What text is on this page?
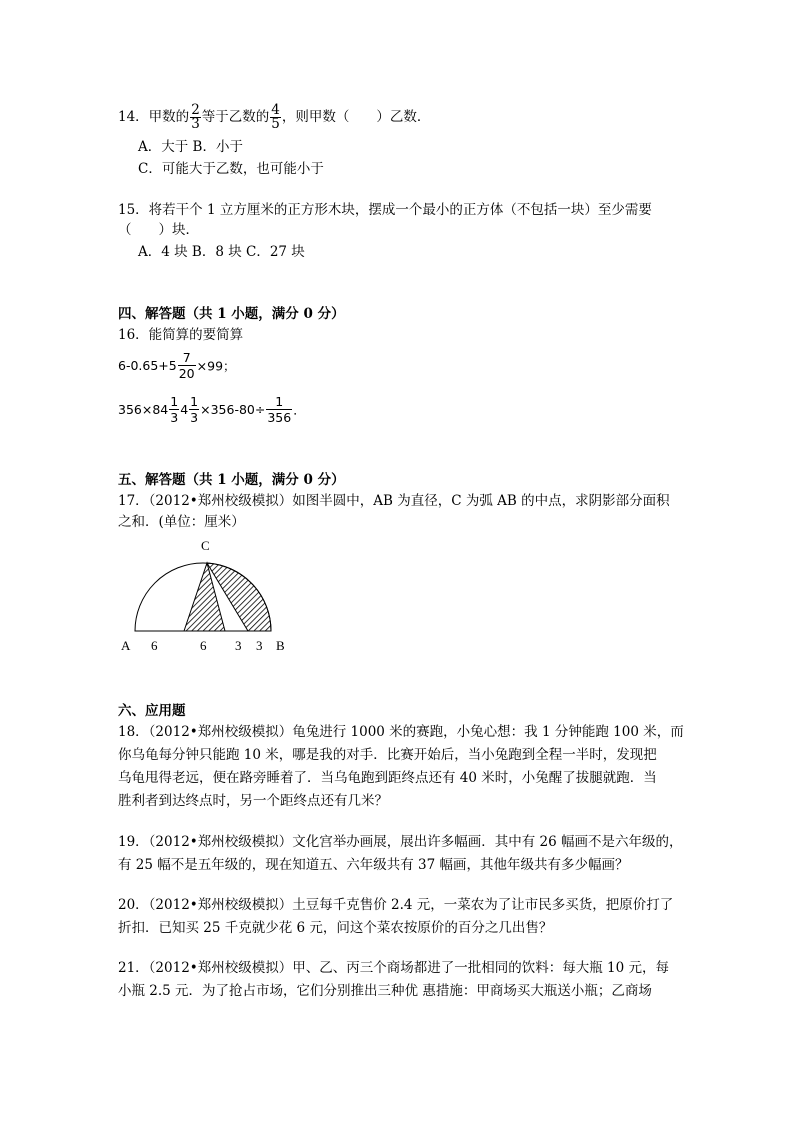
14．甲数的 $\frac{2}{3}$ 等于乙数的 $\frac{4}{5}$ ，则甲数（　　）乙数．
A．大于 B．小于
C．可能大于乙数，也可能小于
15．将若干个 1 立方厘米的正方形木块，摆成一个最小的正方体（不包括一块）至少需要
（　　）块．
A．4 块 B．8 块 C．27 块
四、解答题（共 1 小题，满分 0 分）
16．能简算的要简算
$6-0.65+5 \frac{7}{20} \times 99$；
$356\times 84 \frac{1}{3} 4 \frac{1}{3} \times 356-80\div \frac{1}{356}$ ．
五、解答题（共 1 小题，满分 0 分）
17．（2012•郑州校级模拟）如图半圆中，AB 为直径，C 为弧 AB 的中点，求阴影部分面积
之和．(单位：厘米）
C
A 6	6 3 3 B
六、应用题
18．（2012•郑州校级模拟）龟兔进行 1000 米的赛跑，小兔心想：我 1 分钟能跑 100 米，而
你乌龟每分钟只能跑 10 米，哪是我的对手．比赛开始后，当小兔跑到全程一半时，发现把
乌龟甩得老远，便在路旁睡着了．当乌龟跑到距终点还有 40 米时，小兔醒了拔腿就跑．当
胜利者到达终点时，另一个距终点还有几米？
19．（2012•郑州校级模拟）文化宫举办画展，展出许多幅画．其中有 26 幅画不是六年级的，
有 25 幅不是五年级的，现在知道五、六年级共有 37 幅画，其他年级共有多少幅画？
20．（2012•郑州校级模拟）土豆每千克售价 2.4 元，一菜农为了让市民多买货，把原价打了
折扣．已知买 25 千克就少花 6 元，问这个菜农按原价的百分之几出售？
21．（2012•郑州校级模拟）甲、乙、丙三个商场都进了一批相同的饮料：每大瓶 10 元，每
小瓶 2.5 元．为了抢占市场，它们分别推出三种优 惠措施：甲商场买大瓶送小瓶；乙商场
